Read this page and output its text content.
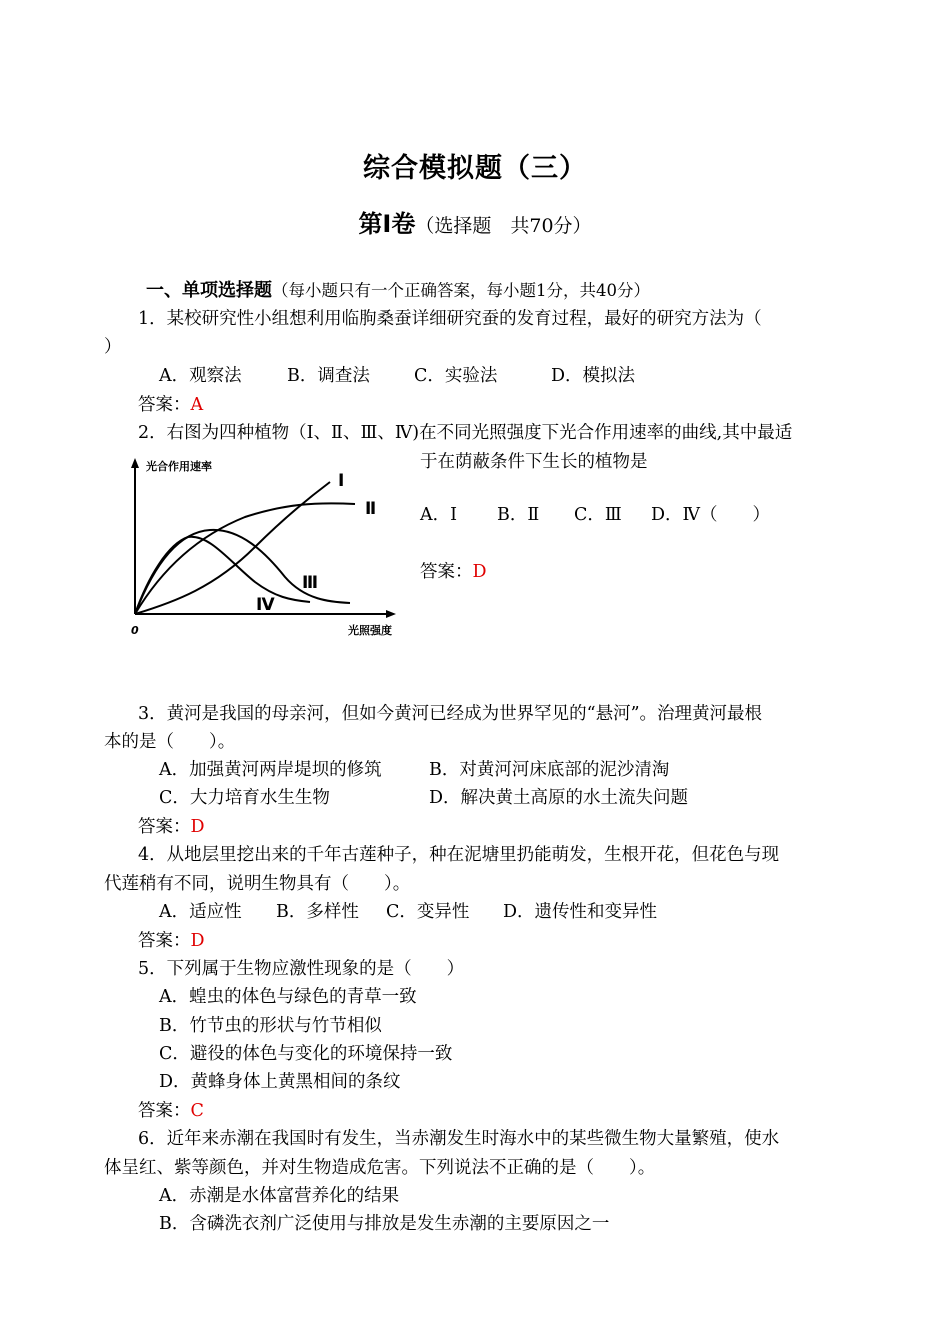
综合模拟题（三）
第Ⅰ卷（选择题　共70分）
一、单项选择题（每小题只有一个正确答案，每小题1分，共40分）
1．某校研究性小组想利用临朐桑蚕详细研究蚕的发育过程，最好的研究方法为（
）
A．观察法	B．调查法	C．实验法	D．模拟法
答案：A
2．右图为四种植物（Ⅰ、Ⅱ、Ⅲ、Ⅳ)在不同光照强度下光合作用速率的曲线,其中最适
于在荫蔽条件下生长的植物是
A．Ⅰ B．Ⅱ C．Ⅲ D．Ⅳ（　　）
答案：D
光合作用速率
光照强度
0
Ⅰ
Ⅱ
Ⅲ
Ⅳ
3．黄河是我国的母亲河，但如今黄河已经成为世界罕见的“悬河”。治理黄河最根
本的是（　　）。
A．加强黄河两岸堤坝的修筑	B．对黄河河床底部的泥沙清淘
C．大力培育水生生物	D．解决黄土高原的水土流失问题
答案：D
4．从地层里挖出来的千年古莲种子，种在泥塘里扔能萌发，生根开花，但花色与现
代莲稍有不同，说明生物具有（　　）。
A．适应性 B．多样性 C．变异性 D．遗传性和变异性
答案：D
5．下列属于生物应激性现象的是（　　）
A．蝗虫的体色与绿色的青草一致
B．竹节虫的形状与竹节相似
C．避役的体色与变化的环境保持一致
D．黄蜂身体上黄黑相间的条纹
答案：C
6．近年来赤潮在我国时有发生，当赤潮发生时海水中的某些微生物大量繁殖，使水
体呈红、紫等颜色，并对生物造成危害。下列说法不正确的是（　　）。
A．赤潮是水体富营养化的结果
B．含磷洗衣剂广泛使用与排放是发生赤潮的主要原因之一
